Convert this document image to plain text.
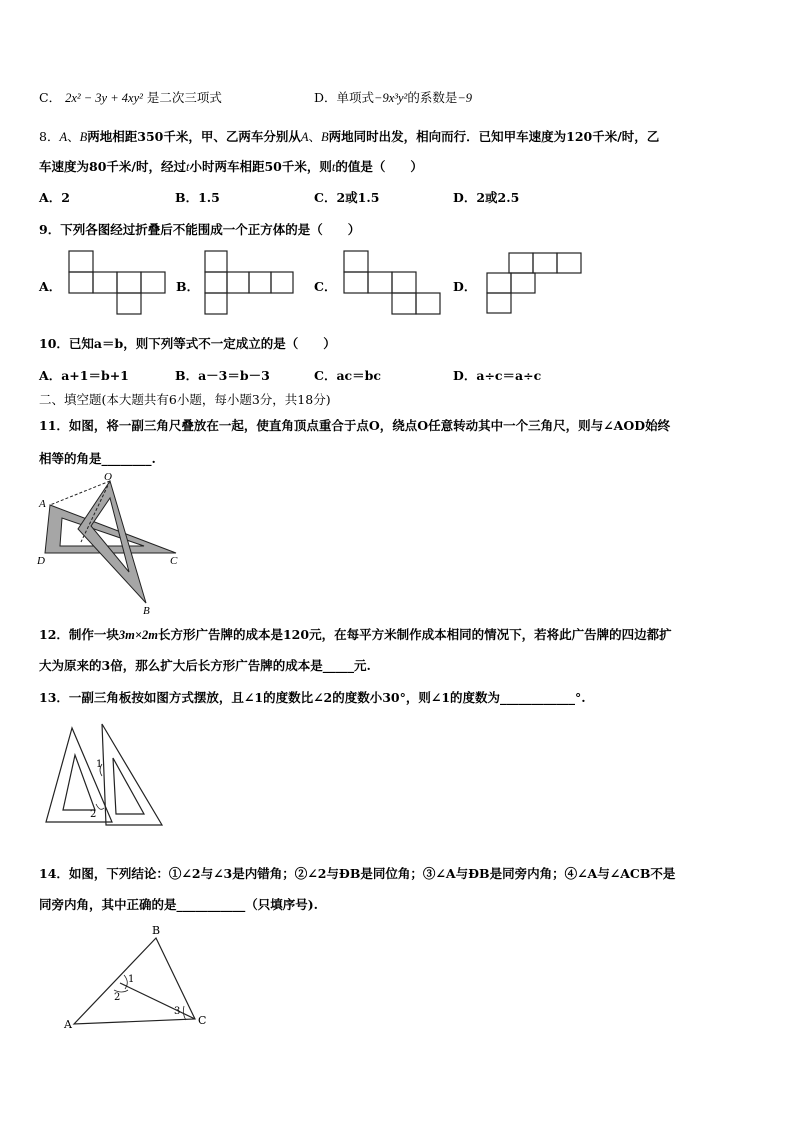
C． 2x² − 3y + 4xy² 是二次三项式	D．单项式−9x³y²的系数是−9
8．A、B两地相距350千米，甲、乙两车分别从A、B两地同时出发，相向而行．已知甲车速度为120千米/时，乙
车速度为80千米/时，经过t小时两车相距50千米，则t的值是（　　）
A．2	B．1.5	C．2或1.5	D．2或2.5
9．下列各图经过折叠后不能围成一个正方体的是（　　）
A．	B．	C．	D．
10．已知a＝b，则下列等式不一定成立的是（　　）
A．a+1＝b+1	B．a－3＝b－3	C．ac＝bc	D．a÷c＝a÷c
二、填空题(本大题共有6小题，每小题3分，共18分)
11．如图，将一副三角尺叠放在一起，使直角顶点重合于点O，绕点O任意转动其中一个三角尺，则与∠AOD始终
相等的角是________.
O
A
D	C
B
12．制作一块3m×2m长方形广告牌的成本是120元，在每平方米制作成本相同的情况下，若将此广告牌的四边都扩
大为原来的3倍，那么扩大后长方形广告牌的成本是_____元.
13．一副三角板按如图方式摆放，且∠1的度数比∠2的度数小30°，则∠1的度数为____________°.
1
2
14．如图，下列结论：①∠2与∠3是内错角；②∠2与ÐB是同位角；③∠A与ÐB是同旁内角；④∠A与∠ACB不是
同旁内角，其中正确的是___________（只填序号).
B
A	C
1
2
3
